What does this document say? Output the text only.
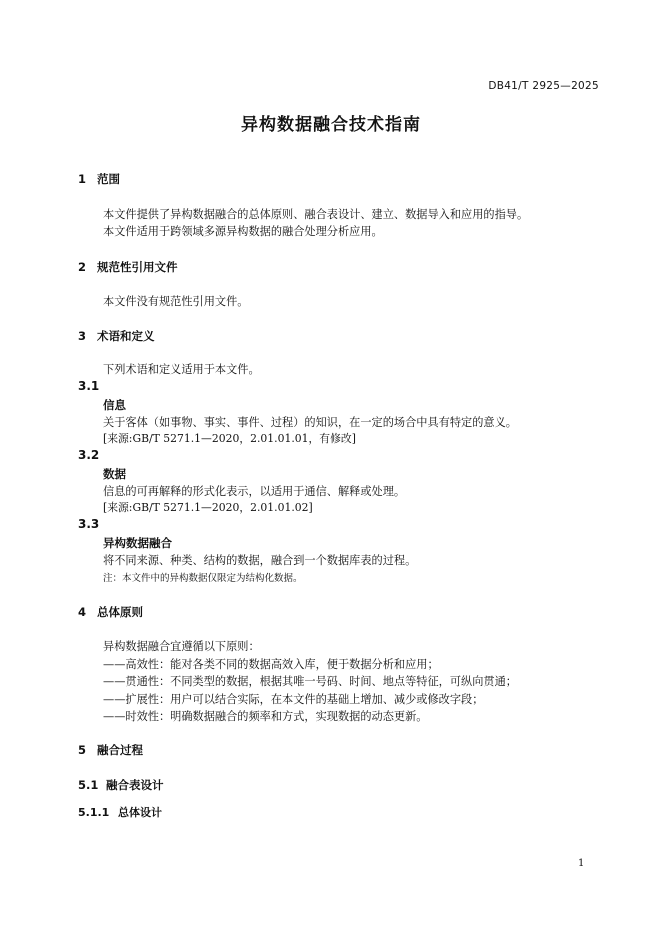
DB41/T 2925—2025
异构数据融合技术指南
1 范围
本文件提供了异构数据融合的总体原则、融合表设计、建立、数据导入和应用的指导。
本文件适用于跨领域多源异构数据的融合处理分析应用。
2 规范性引用文件
本文件没有规范性引用文件。
3 术语和定义
下列术语和定义适用于本文件。
3.1
信息
关于客体（如事物、事实、事件、过程）的知识，在一定的场合中具有特定的意义。
[来源:GB/T 5271.1—2020，2.01.01.01，有修改]
3.2
数据
信息的可再解释的形式化表示，以适用于通信、解释或处理。
[来源:GB/T 5271.1—2020，2.01.01.02]
3.3
异构数据融合
将不同来源、种类、结构的数据，融合到一个数据库表的过程。
注：本文件中的异构数据仅限定为结构化数据。
4 总体原则
异构数据融合宜遵循以下原则：
——高效性：能对各类不同的数据高效入库，便于数据分析和应用；
——贯通性：不同类型的数据，根据其唯一号码、时间、地点等特征，可纵向贯通；
——扩展性：用户可以结合实际，在本文件的基础上增加、减少或修改字段；
——时效性：明确数据融合的频率和方式，实现数据的动态更新。
5 融合过程
5.1 融合表设计
5.1.1 总体设计
1
